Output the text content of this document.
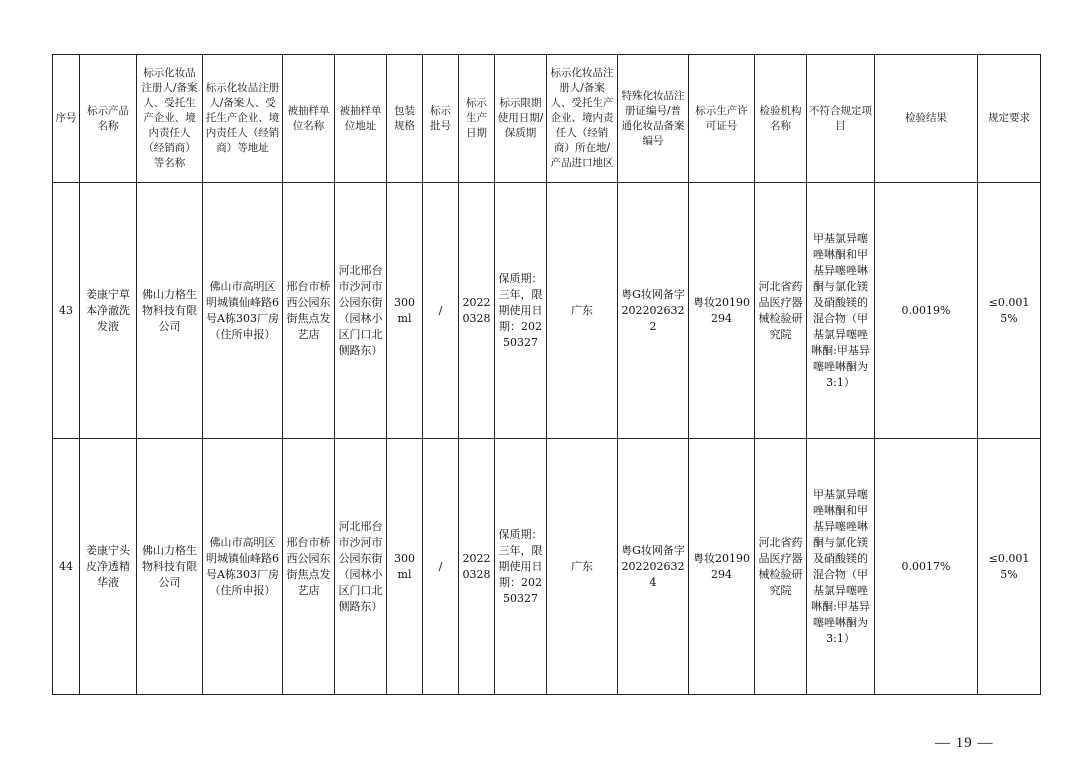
序号	标示产品名称	标示化妆品注册人/备案人、受托生产企业、境内责任人（经销商）等名称	标示化妆品注册人/备案人、受托生产企业、境内责任人（经销商）等地址	被抽样单位名称	被抽样单位地址	包装规格	标示批号	标示生产日期	标示限期使用日期/保质期	标示化妆品注册人/备案人、受托生产企业、境内责任人（经销商）所在地/产品进口地区	特殊化妆品注册证编号/普通化妆品备案编号	标示生产许可证号	检验机构名称	不符合规定项目	检验结果	规定要求
43	姜康宁草本净澈洗发液	佛山力格生物科技有限公司	佛山市高明区明城镇仙峰路6号A栋303厂房（住所申报）	邢台市桥西公园东街焦点发艺店	河北邢台市沙河市公园东街（园林小区门口北侧路东）	300ml	/	20220328	保质期：三年，限期使用日期：20250327	广东	粤G妆网备字2022026322	粤妆20190294	河北省药品医疗器械检验研究院	甲基氯异噻唑啉酮和甲基异噻唑啉酮与氯化镁及硝酸镁的混合物（甲基氯异噻唑啉酮:甲基异噻唑啉酮为3:1）	0.0019%	≤0.0015%
44	姜康宁头皮净透精华液	佛山力格生物科技有限公司	佛山市高明区明城镇仙峰路6号A栋303厂房（住所申报）	邢台市桥西公园东街焦点发艺店	河北邢台市沙河市公园东街（园林小区门口北侧路东）	300ml	/	20220328	保质期：三年，限期使用日期：20250327	广东	粤G妆网备字2022026324	粤妆20190294	河北省药品医疗器械检验研究院	甲基氯异噻唑啉酮和甲基异噻唑啉酮与氯化镁及硝酸镁的混合物（甲基氯异噻唑啉酮:甲基异噻唑啉酮为3:1）	0.0017%	≤0.0015%
— 19 —
